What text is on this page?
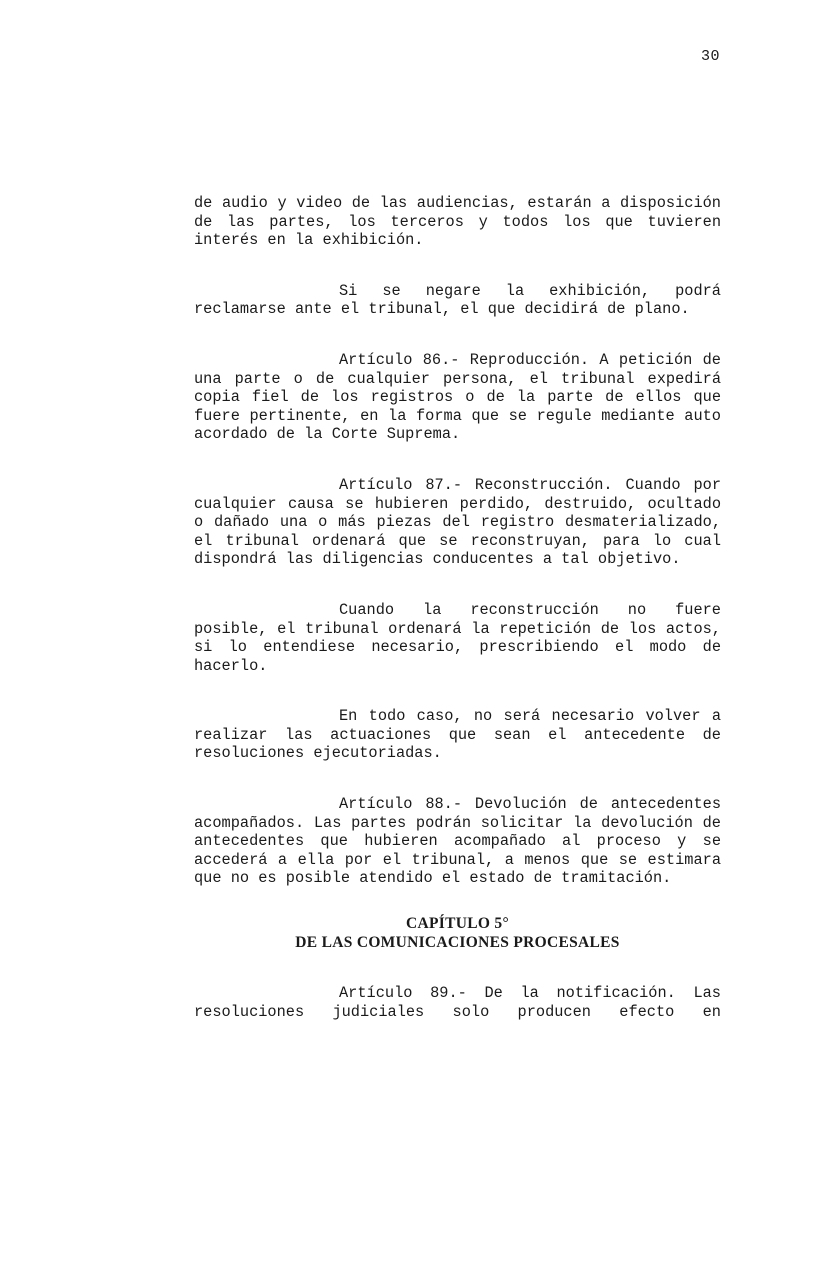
30

de audio y video de las audiencias, estarán a disposición de las partes, los terceros y todos los que tuvieren interés en la exhibición.

Si se negare la exhibición, podrá reclamarse ante el tribunal, el que decidirá de plano.

Artículo 86.- Reproducción. A petición de una parte o de cualquier persona, el tribunal expedirá copia fiel de los registros o de la parte de ellos que fuere pertinente, en la forma que se regule mediante auto acordado de la Corte Suprema.

Artículo 87.- Reconstrucción. Cuando por cualquier causa se hubieren perdido, destruido, ocultado o dañado una o más piezas del registro desmaterializado, el tribunal ordenará que se reconstruyan, para lo cual dispondrá las diligencias conducentes a tal objetivo.

Cuando la reconstrucción no fuere posible, el tribunal ordenará la repetición de los actos, si lo entendiese necesario, prescribiendo el modo de hacerlo.

En todo caso, no será necesario volver a realizar las actuaciones que sean el antecedente de resoluciones ejecutoriadas.

Artículo 88.- Devolución de antecedentes acompañados. Las partes podrán solicitar la devolución de antecedentes que hubieren acompañado al proceso y se accederá a ella por el tribunal, a menos que se estimara que no es posible atendido el estado de tramitación.

CAPÍTULO 5°
DE LAS COMUNICACIONES PROCESALES

Artículo 89.- De la notificación. Las resoluciones judiciales solo producen efecto en
